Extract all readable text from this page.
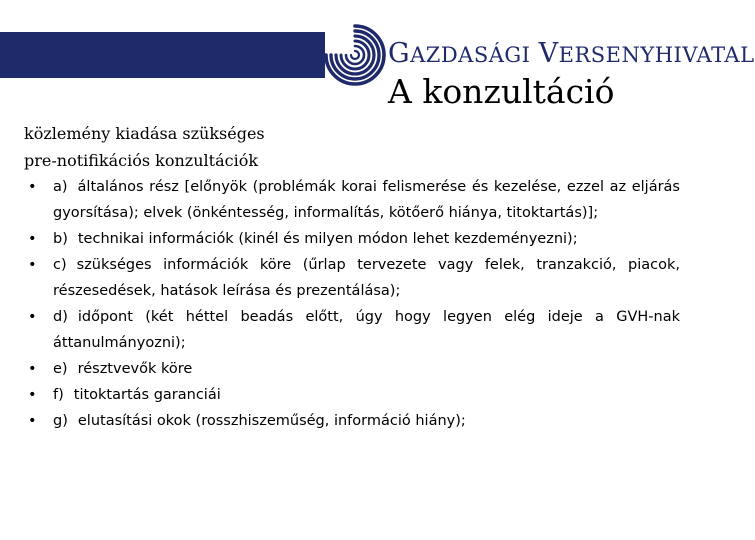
GAZDASÁGI VERSENYHIVATAL
A konzultáció
közlemény kiadása szükséges
pre-notifikációs konzultációk
• a) általános rész [előnyök (problémák korai felismerése és kezelése, ezzel az eljárás gyorsítása); elvek (önkéntesség, informalítás, kötőerő hiánya, titoktartás)];
• b) technikai információk (kinél és milyen módon lehet kezdeményezni);
• c) szükséges információk köre (űrlap tervezete vagy felek, tranzakció, piacok, részesedések, hatások leírása és prezentálása);
• d) időpont (két héttel beadás előtt, úgy hogy legyen elég ideje a GVH-nak áttanulmányozni);
• e) résztvevők köre
• f) titoktartás garanciái
• g) elutasítási okok (rosszhiszeműség, információ hiány);
